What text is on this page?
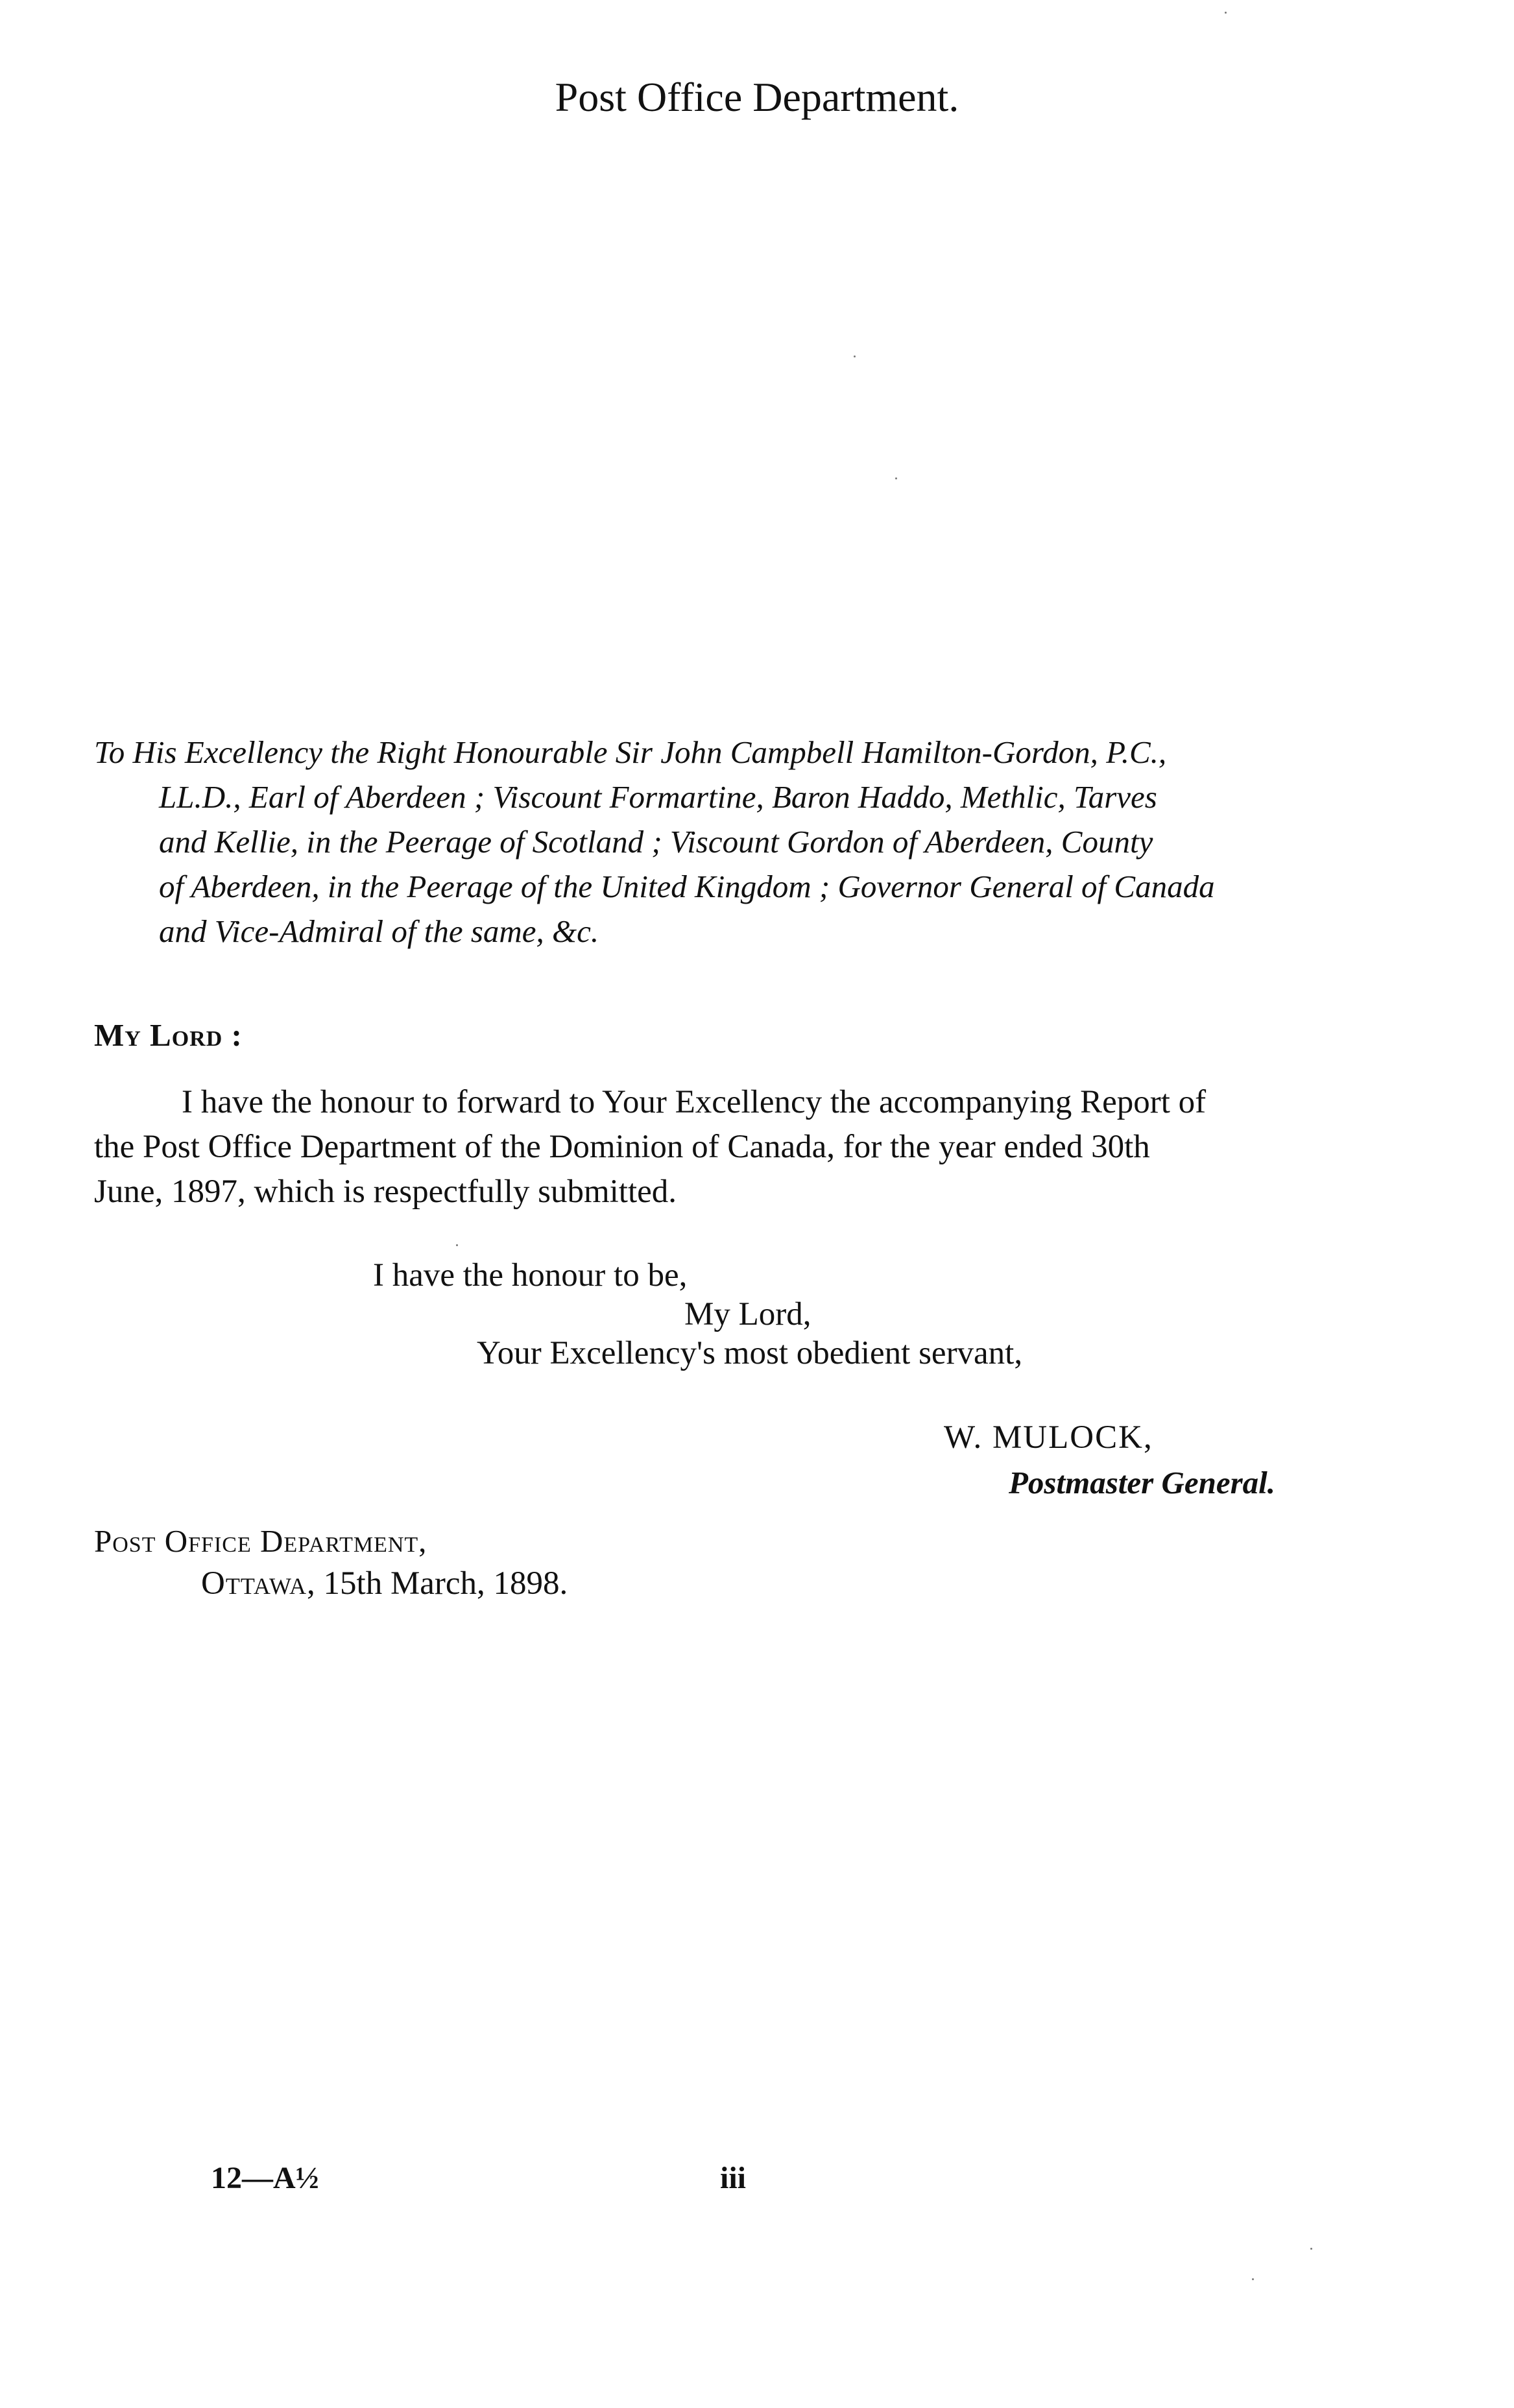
Post Office Department.
To His Excellency the Right Honourable Sir John Campbell Hamilton-Gordon, P.C.,
LL.D., Earl of Aberdeen ; Viscount Formartine, Baron Haddo, Methlic, Tarves
and Kellie, in the Peerage of Scotland ; Viscount Gordon of Aberdeen, County
of Aberdeen, in the Peerage of the United Kingdom ; Governor General of Canada
and Vice-Admiral of the same, &c.
My Lord :
I have the honour to forward to Your Excellency the accompanying Report of
the Post Office Department of the Dominion of Canada, for the year ended 30th
June, 1897, which is respectfully submitted.
I have the honour to be,
My Lord,
Your Excellency's most obedient servant,
W. MULOCK,
Postmaster General.
Post Office Department,
Ottawa, 15th March, 1898.
12—A½	iii
